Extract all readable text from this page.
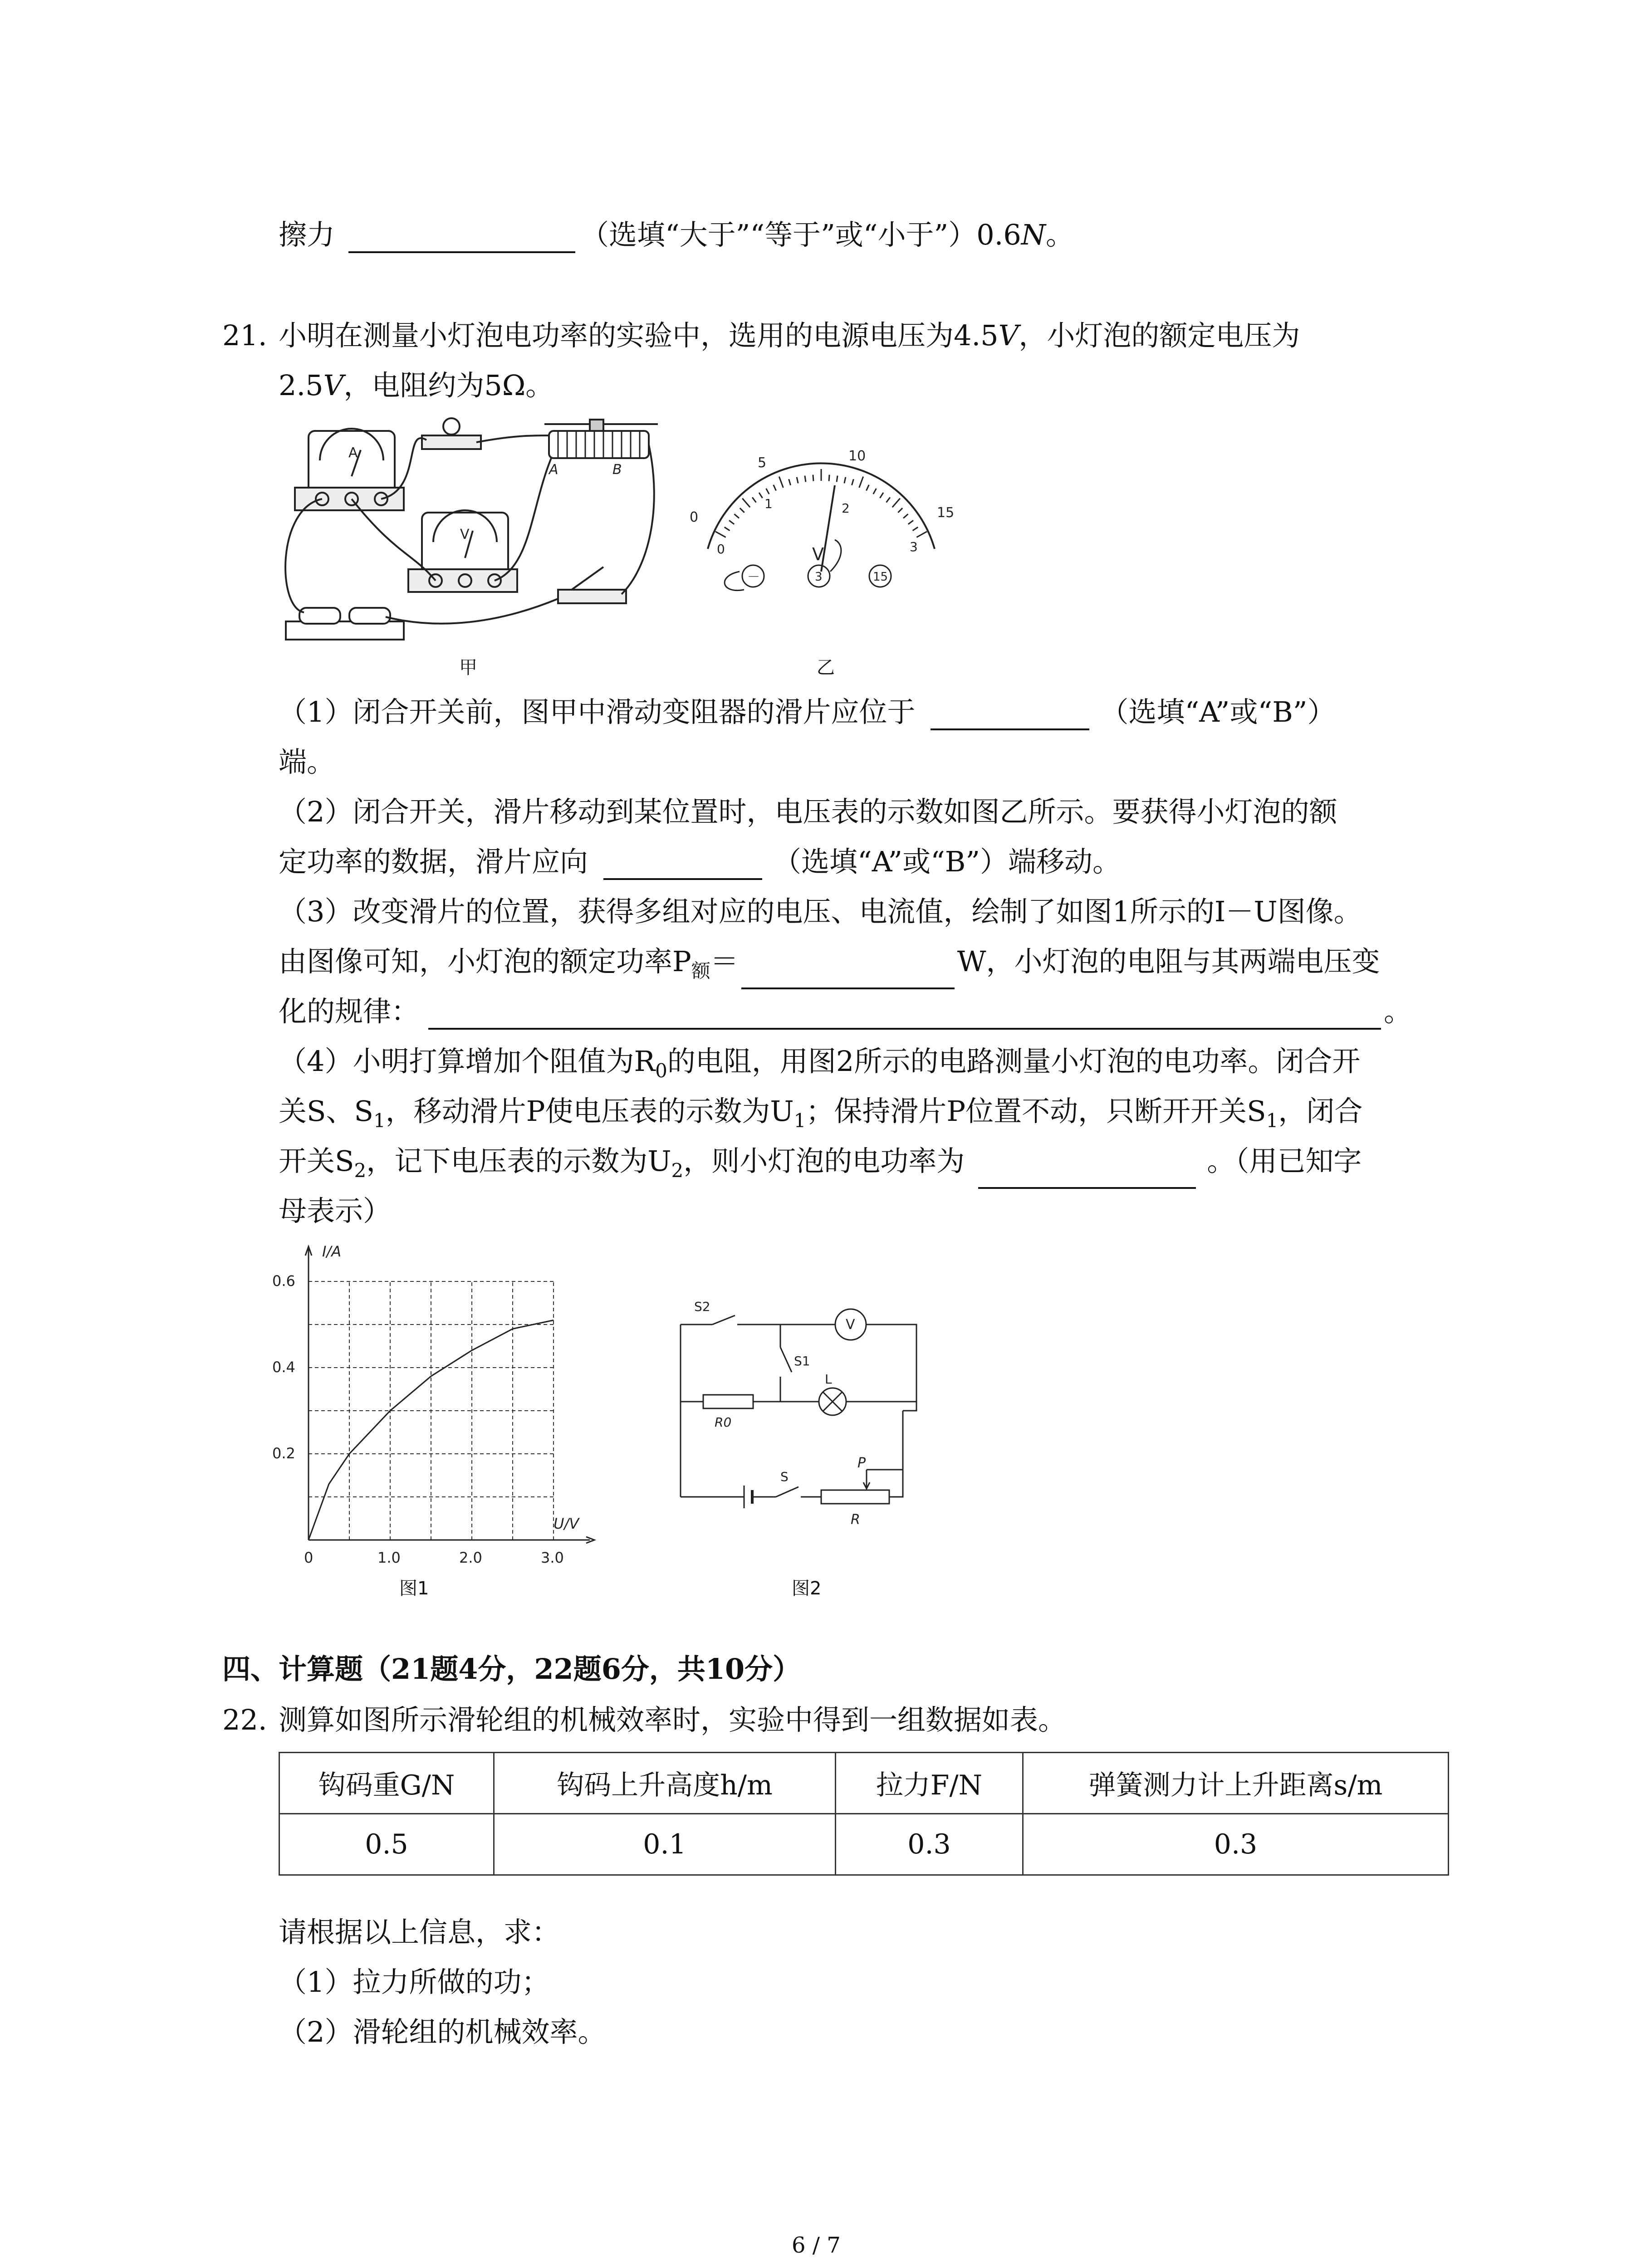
擦力	（选填“大于”“等于”或“小于”）0.6N。
21. 小明在测量小灯泡电功率的实验中，选用的电源电压为4.5V，小灯泡的额定电压为
2.5V，电阻约为5Ω。
A
V
A	B
甲
0
5	10
15
0
1	2
3
V
－	3	15
乙
（1）闭合开关前，图甲中滑动变阻器的滑片应位于	（选填“A”或“B”）
端。
（2）闭合开关，滑片移动到某位置时，电压表的示数如图乙所示。要获得小灯泡的额
定功率的数据，滑片应向	（选填“A”或“B”）端移动。
（3）改变滑片的位置，获得多组对应的电压、电流值，绘制了如图1所示的I－U图像。
由图像可知，小灯泡的额定功率$P_额=$	W，小灯泡的电阻与其两端电压变
化的规律：	。
（4）小明打算增加个阻值为$R_0$的电阻，用图2所示的电路测量小灯泡的电功率。闭合开
关S、$S_1$，移动滑片P使电压表的示数为$U_1$；保持滑片P位置不动，只断开开关$S_1$，闭合
开关$S_2$，记下电压表的示数为$U_2$，则小灯泡的电功率为	。（用已知字
母表示）
0	1.0	2.0	3.0
0.2
0.4
0.6
I/A
U/V
图1
S2
V
S1
L
R0
S
P
R
图2
四、计算题（21题4分，22题6分，共10分）
22. 测算如图所示滑轮组的机械效率时，实验中得到一组数据如表。
钩码重G/N	钩码上升高度h/m	拉力F/N	弹簧测力计上升距离s/m
0.5	0.1	0.3	0.3
请根据以上信息，求：
（1）拉力所做的功；
（2）滑轮组的机械效率。
6 / 7
